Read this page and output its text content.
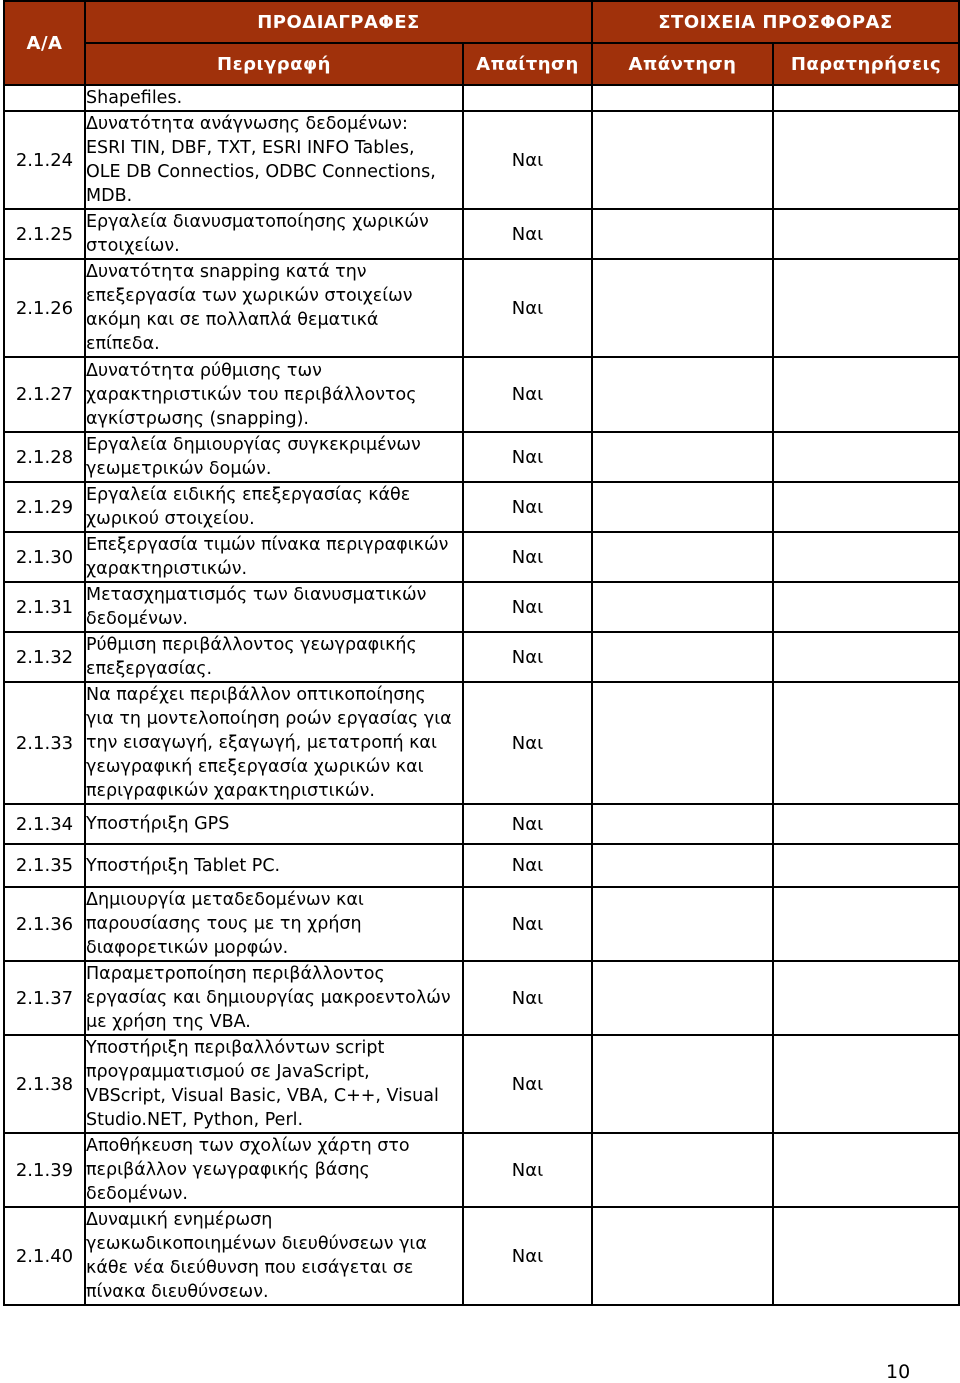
Α/Α	ΠΡΟΔΙΑΓΡΑΦΕΣ		ΣΤΟΙΧΕΙΑ ΠΡΟΣΦΟΡΑΣ	
	Περιγραφή	Απαίτηση	Απάντηση	Παρατηρήσεις
	Shapefiles.			
2.1.24	Δυνατότητα ανάγνωσης δεδομένων:
ESRI TIN, DBF, TXT, ESRI INFO Tables,
OLE DB Connectios, ODBC Connections,
MDB.	Ναι		
2.1.25	Εργαλεία διανυσματοποίησης χωρικών
στοιχείων.	Ναι		
2.1.26	Δυνατότητα snapping κατά την
επεξεργασία των χωρικών στοιχείων
ακόμη και σε πολλαπλά θεματικά
επίπεδα.	Ναι		
2.1.27	Δυνατότητα ρύθμισης των
χαρακτηριστικών του περιβάλλοντος
αγκίστρωσης (snapping).	Ναι		
2.1.28	Εργαλεία δημιουργίας συγκεκριμένων
γεωμετρικών δομών.	Ναι		
2.1.29	Εργαλεία ειδικής επεξεργασίας κάθε
χωρικού στοιχείου.	Ναι		
2.1.30	Επεξεργασία τιμών πίνακα περιγραφικών
χαρακτηριστικών.	Ναι		
2.1.31	Μετασχηματισμός των διανυσματικών
δεδομένων.	Ναι		
2.1.32	Ρύθμιση περιβάλλοντος γεωγραφικής
επεξεργασίας.	Ναι		
2.1.33	Να παρέχει περιβάλλον οπτικοποίησης
για τη μοντελοποίηση ροών εργασίας για
την εισαγωγή, εξαγωγή, μετατροπή και
γεωγραφική επεξεργασία χωρικών και
περιγραφικών χαρακτηριστικών.	Ναι		
2.1.34	Υποστήριξη GPS	Ναι		
2.1.35	Υποστήριξη Tablet PC.	Ναι		
2.1.36	Δημιουργία μεταδεδομένων και
παρουσίασης τους με τη χρήση
διαφορετικών μορφών.	Ναι		
2.1.37	Παραμετροποίηση περιβάλλοντος
εργασίας και δημιουργίας μακροεντολών
με χρήση της VBA.	Ναι		
2.1.38	Υποστήριξη περιβαλλόντων script
προγραμματισμού σε JavaScript,
VBScript, Visual Basic, VBA, C++, Visual
Studio.NET, Python, Perl.	Ναι		
2.1.39	Αποθήκευση των σχολίων χάρτη στο
περιβάλλον γεωγραφικής βάσης
δεδομένων.	Ναι		
2.1.40	Δυναμική ενημέρωση
γεωκωδικοποιημένων διευθύνσεων για
κάθε νέα διεύθυνση που εισάγεται σε
πίνακα διευθύνσεων.	Ναι		
10
